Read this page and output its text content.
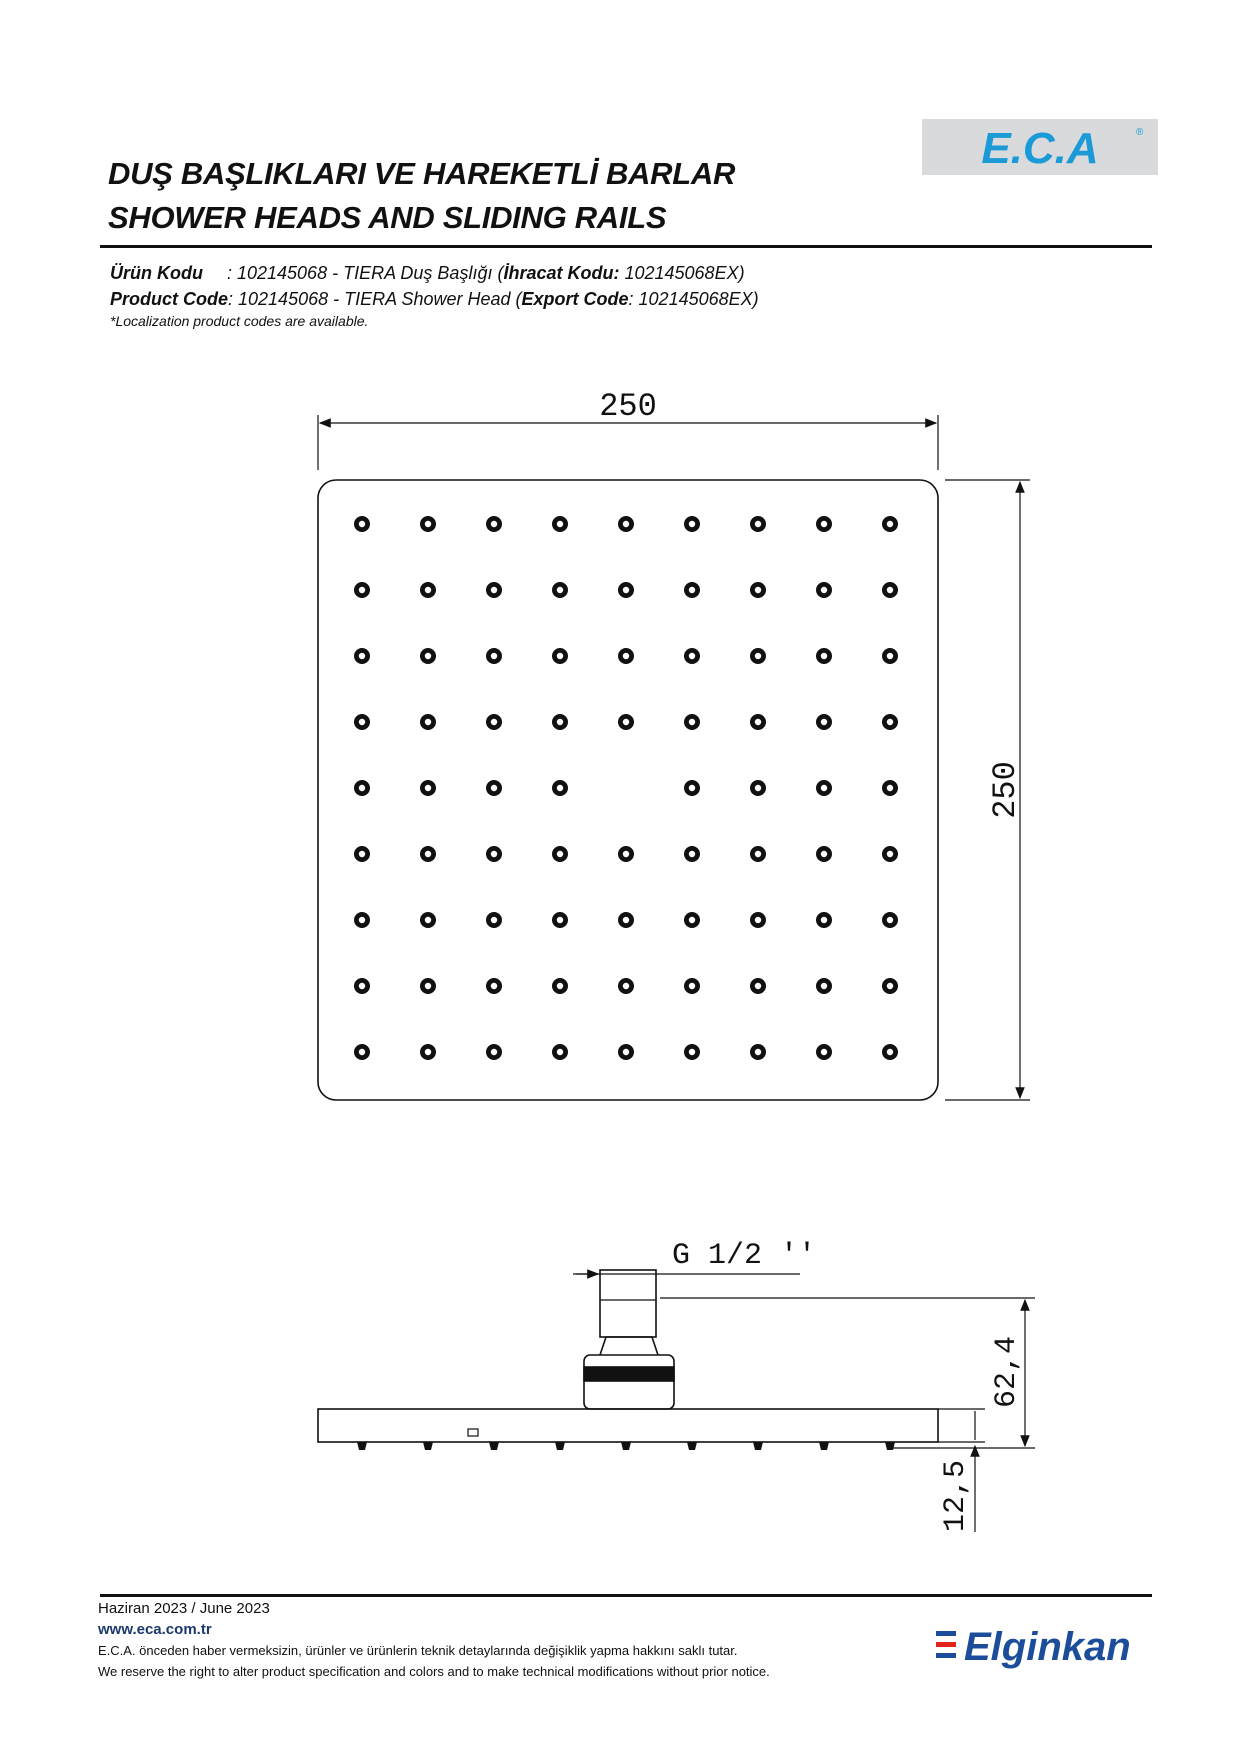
DUŞ BAŞLIKLARI VE HAREKETLİ BARLAR
SHOWER HEADS AND SLIDING RAILS
E.C.A	®
Ürün Kodu : 102145068 - TIERA Duş Başlığı (İhracat Kodu: 102145068EX)
Product Code: 102145068 - TIERA Shower Head (Export Code: 102145068EX)
*Localization product codes are available.
250
250
G 1/2 ''
62,4
12,5
Haziran 2023 / June 2023
www.eca.com.tr
E.C.A. önceden haber vermeksizin, ürünler ve ürünlerin teknik detaylarında değişiklik yapma hakkını saklı tutar.
We reserve the right to alter product specification and colors and to make technical modifications without prior notice.
Elginkan
